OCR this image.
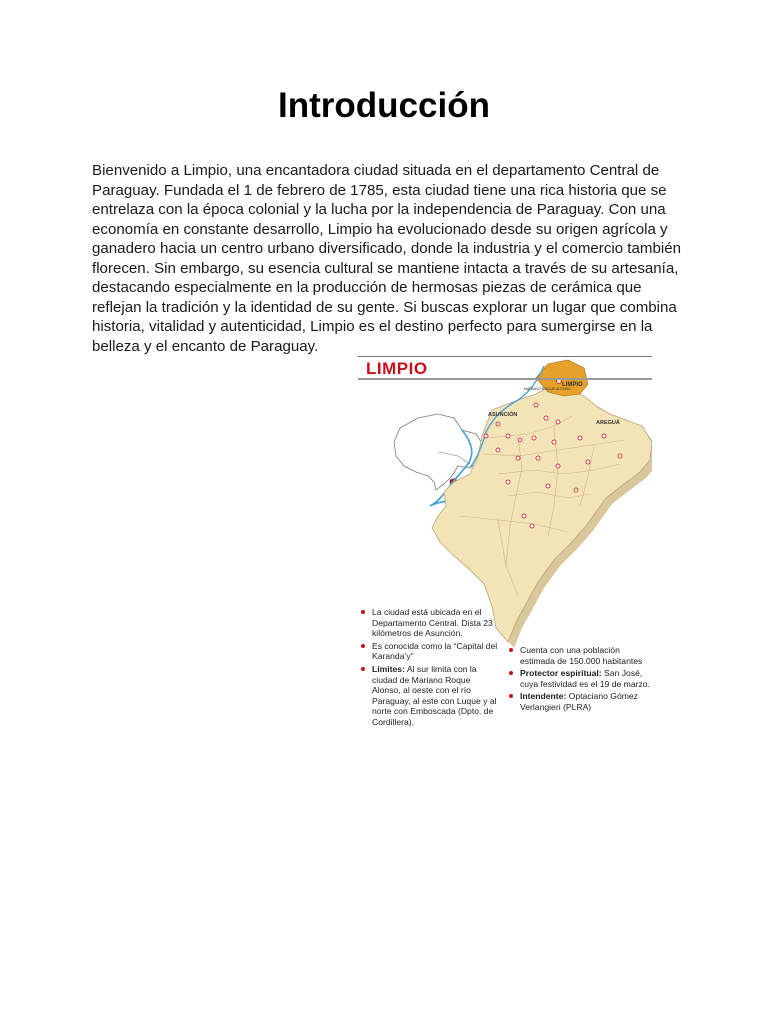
Introducción

Bienvenido a Limpio, una encantadora ciudad situada en el departamento Central de Paraguay. Fundada el 1 de febrero de 1785, esta ciudad tiene una rica historia que se entrelaza con la época colonial y la lucha por la independencia de Paraguay. Con una economía en constante desarrollo, Limpio ha evolucionado desde su origen agrícola y ganadero hacia un centro urbano diversificado, donde la industria y el comercio también florecen. Sin embargo, su esencia cultural se mantiene intacta a través de su artesanía, destacando especialmente en la producción de hermosas piezas de cerámica que reflejan la tradición y la identidad de su gente. Si buscas explorar un lugar que combina historia, vitalidad y autenticidad, Limpio es el destino perfecto para sumergirse en la belleza y el encanto de Paraguay.

LIMPIO
ASUNCIÓN
AREGUÁ
MARIANO ROQUE ALONSO
LIMPIO
La ciudad está ubicada en el Departamento Central. Dista 23 kilómetros de Asunción.
Es conocida como la “Capital del Karanda’y”
Límites: Al sur limita con la ciudad de Mariano Roque Alonso, al oeste con el río Paraguay, al este con Luque y al norte con Emboscada (Dpto. de Cordillera).
Cuenta con una población estimada de 150.000 habitantes
Protector espiritual: San José, cuya festividad es el 19 de marzo.
Intendente: Optaciano Gómez Verlangieri (PLRA)
